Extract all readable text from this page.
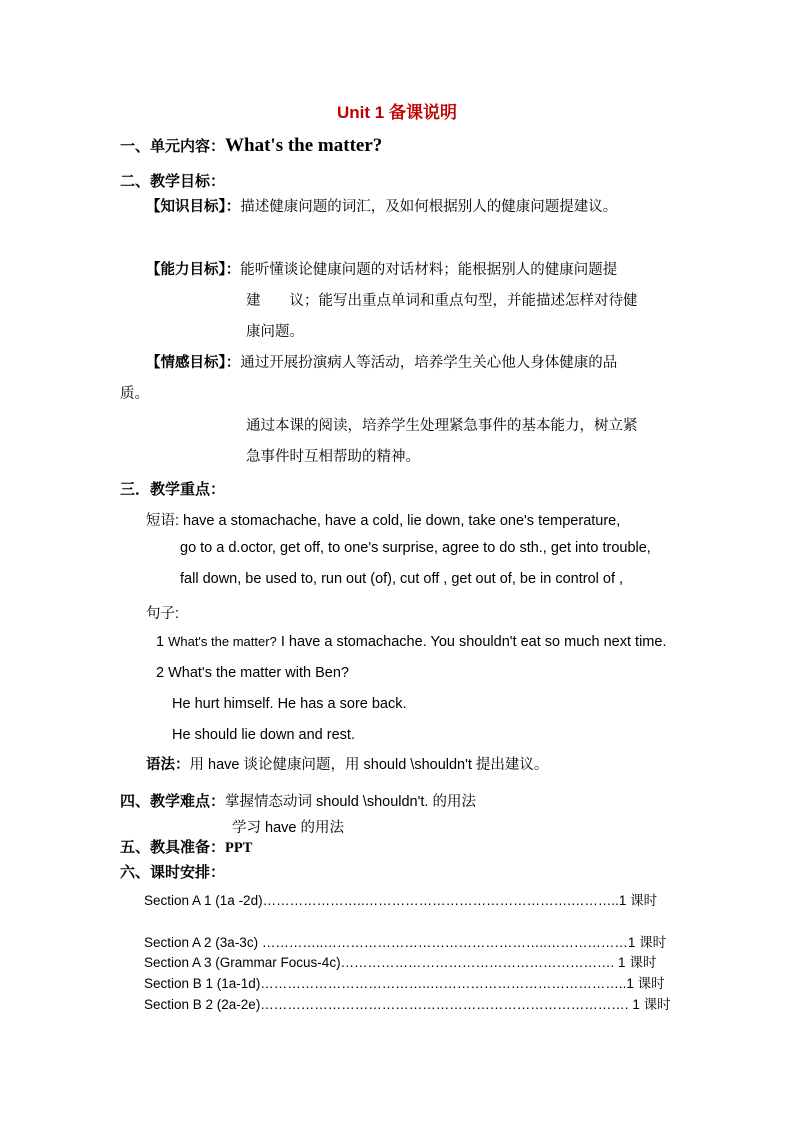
Unit 1 备课说明
一、单元内容：What's the matter?
二、教学目标：
【知识目标】：描述健康问题的词汇，及如何根据别人的健康问题提建议。
【能力目标】：能听懂谈论健康问题的对话材料；能根据别人的健康问题提
建　　议；能写出重点单词和重点句型，并能描述怎样对待健
康问题。
【情感目标】：通过开展扮演病人等活动，培养学生关心他人身体健康的品
质。
通过本课的阅读，培养学生处理紧急事件的基本能力，树立紧
急事件时互相帮助的精神。
三．教学重点：
短语: have a stomachache, have a cold, lie down, take one's temperature,
go to a d.octor, get off, to one's surprise, agree to do sth., get into trouble,
fall down, be used to, run out (of), cut off , get out of, be in control of ,
句子:
1 What's the matter? I have a stomachache. You shouldn't eat so much next time.
2 What's the matter with Ben?
He hurt himself. He has a sore back.
He should lie down and rest.
语法：用 have 谈论健康问题，用 should \shouldn't 提出建议。
四、教学难点：掌握情态动词 should \shouldn't. 的用法
学习 have 的用法
五、教具准备：PPT
六、课时安排：
Section A 1 (1a -2d)…………………..……………………………………….………..1 课时
Section A 2 (3a-3c) …………..…………………………………………..………………1 课时
Section A 3 (Grammar Focus-4c)……………………………………………………. 1 课时
Section B 1 (1a-1d)………………………………..……………………………………..1 课时
Section B 2 (2a-2e)………………………………………………………………………. 1 课时
